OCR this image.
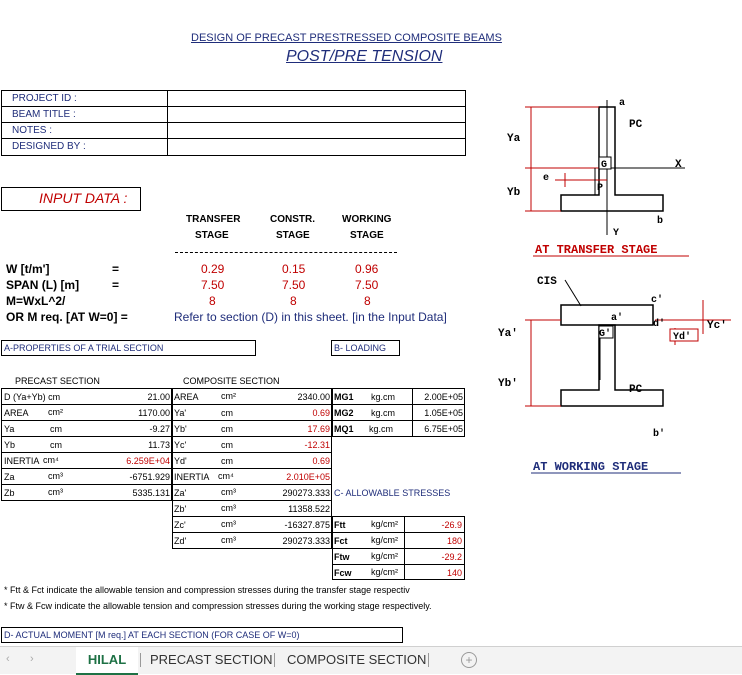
DESIGN OF PRECAST PRESTRESSED COMPOSITE BEAMS
POST/PRE TENSION
PROJECT ID :
BEAM TITLE :
NOTES :
DESIGNED BY :
INPUT DATA :
TRANSFER
STAGE
CONSTR.
STAGE
WORKING
STAGE
W [t/m']	=	0.29	0.15	0.96
SPAN (L) [m]	=	7.50	7.50	7.50
M=WxL^2/	8	8	8
OR M req. [AT W=0] =	Refer to section (D) in this sheet. [in the Input Data]
A-PROPERTIES OF A TRIAL SECTION	B- LOADING
PRECAST SECTION	COMPOSITE SECTION
D (Ya+Yb) cm	21.00
AREA cm²	1170.00
Ya	cm	-9.27
Yb	cm	11.73
INERTIA cm⁴	6.259E+04
Za	cm³	-6751.929
Zb	cm³	5335.131
AREA cm²	2340.00
Ya'	cm	0.69
Yb'	cm	17.69
Yc'	cm	-12.31
Yd'	cm	0.69
INERTIA cm⁴	2.010E+05
Za'	cm³	290273.333
Zb'	cm³	11358.522
Zc'	cm³	-16327.875
Zd'	cm³	290273.333
MG1 kg.cm	2.00E+05
MG2 kg.cm	1.05E+05
MQ1 kg.cm	6.75E+05
C- ALLOWABLE STRESSES
Ftt	kg/cm²	-26.9
Fct	kg/cm²	180
Ftw kg/cm²	-29.2
Fcw kg/cm²	140
* Ftt & Fct indicate the allowable tension and compression stresses during the transfer stage respectiv
* Ftw & Fcw indicate the allowable tension and compression stresses during the working stage respectively.
D- ACTUAL MOMENT [M req.] AT EACH SECTION (FOR CASE OF W=0)
a
PC
Ya
G	X
e
Yb	P
b
Y
AT TRANSFER STAGE
CIS
c'
a'
d'
Ya'	G'	Yd'
Yc'
Yb'	PC
b'
AT WORKING STAGE
‹ ›	HILAL	PRECAST SECTION COMPOSITE SECTION	+
